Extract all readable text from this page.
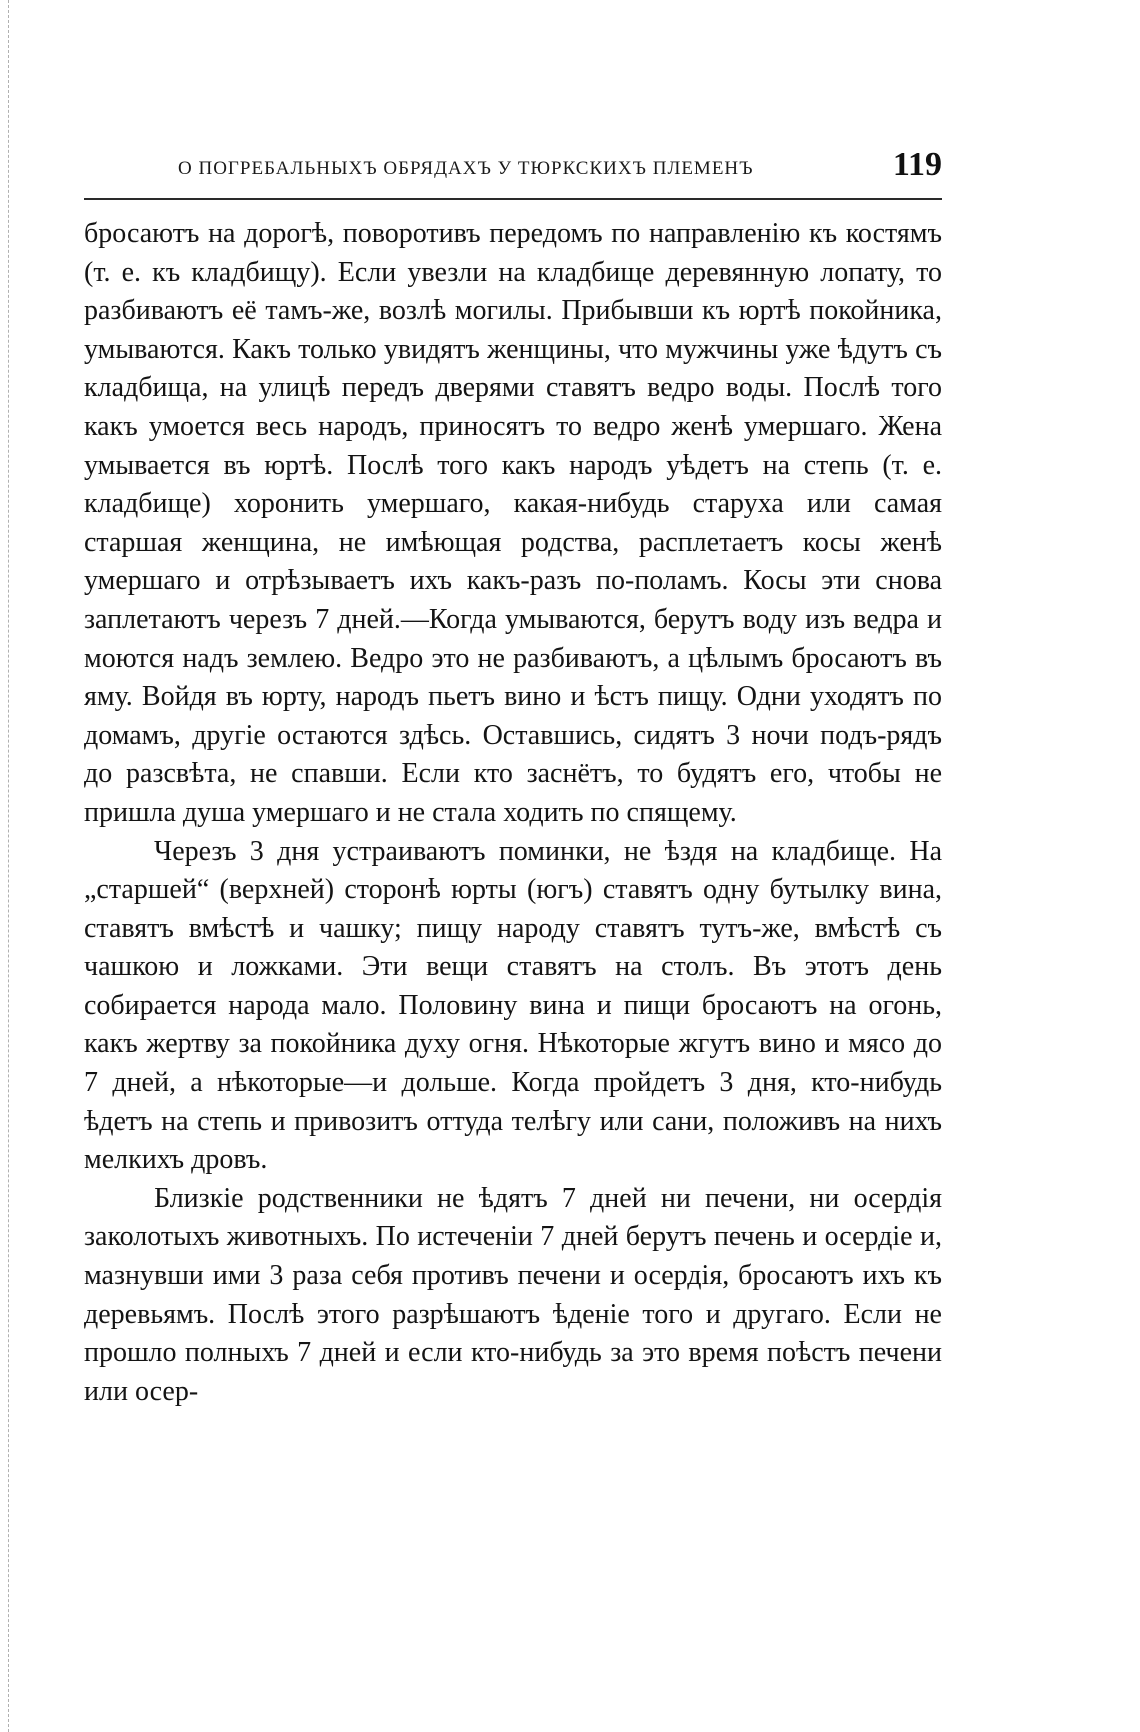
О ПОГРЕБАЛЬНЫХЪ ОБРЯДАХЪ У ТЮРКСКИХЪ ПЛЕМЕНЪ	119

бросаютъ на дорогѣ, поворотивъ передомъ по направленію къ костямъ (т. е. къ кладбищу). Если увезли на кладбище деревянную лопату, то разбиваютъ её тамъ-же, возлѣ могилы. Прибывши къ юртѣ покойника, умываются. Какъ только увидятъ женщины, что мужчины уже ѣдутъ съ кладбища, на улицѣ передъ дверями ставятъ ведро воды. Послѣ того какъ умоется весь народъ, приносятъ то ведро женѣ умершаго. Жена умывается въ юртѣ. Послѣ того какъ народъ уѣдетъ на степь (т. е. кладбище) хоронить умершаго, какая-нибудь старуха или самая старшая женщина, не имѣющая родства, расплетаетъ косы женѣ умершаго и отрѣзываетъ ихъ какъ-разъ по-поламъ. Косы эти снова заплетаютъ черезъ 7 дней.—Когда умываются, берутъ воду изъ ведра и моются надъ землею. Ведро это не разбиваютъ, а цѣлымъ бросаютъ въ яму. Войдя въ юрту, народъ пьетъ вино и ѣстъ пищу. Одни уходятъ по домамъ, другіе остаются здѣсь. Оставшись, сидятъ 3 ночи подъ-рядъ до разсвѣта, не спавши. Если кто заснётъ, то будятъ его, чтобы не пришла душа умершаго и не стала ходить по спящему.

Черезъ 3 дня устраиваютъ поминки, не ѣздя на кладбище. На „старшей“ (верхней) сторонѣ юрты (югъ) ставятъ одну бутылку вина, ставятъ вмѣстѣ и чашку; пищу народу ставятъ тутъ-же, вмѣстѣ съ чашкою и ложками. Эти вещи ставятъ на столъ. Въ этотъ день собирается народа мало. Половину вина и пищи бросаютъ на огонь, какъ жертву за покойника духу огня. Нѣкоторые жгутъ вино и мясо до 7 дней, а нѣкоторые—и дольше. Когда пройдетъ 3 дня, кто-нибудь ѣдетъ на степь и привозитъ оттуда телѣгу или сани, положивъ на нихъ мелкихъ дровъ.

Близкіе родственники не ѣдятъ 7 дней ни печени, ни осердія заколотыхъ животныхъ. По истеченіи 7 дней берутъ печень и осердіе и, мазнувши ими 3 раза себя противъ печени и осердія, бросаютъ ихъ къ деревьямъ. Послѣ этого разрѣшаютъ ѣденіе того и другаго. Если не прошло полныхъ 7 дней и если кто-нибудь за это время поѣстъ печени или осер-
